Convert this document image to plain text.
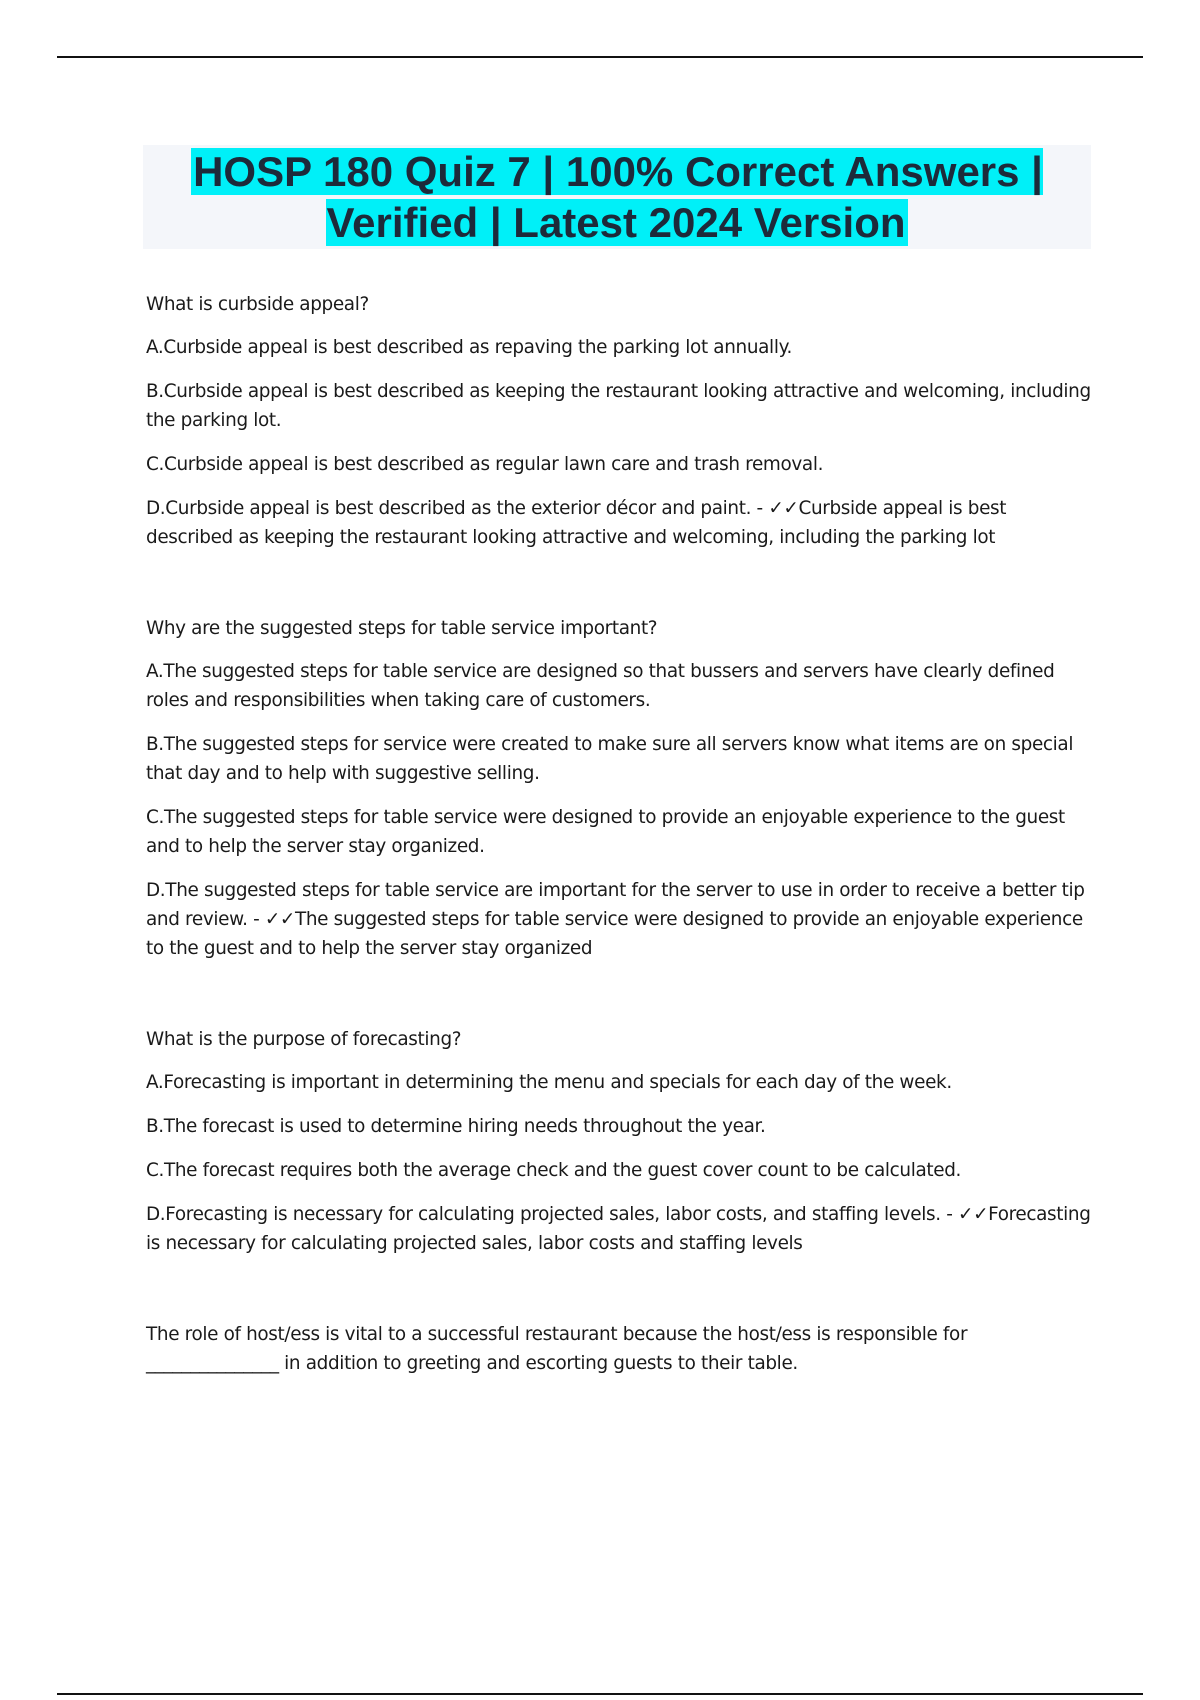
HOSP 180 Quiz 7 | 100% Correct Answers | Verified | Latest 2024 Version

What is curbside appeal?

A.Curbside appeal is best described as repaving the parking lot annually.

B.Curbside appeal is best described as keeping the restaurant looking attractive and welcoming, including the parking lot.

C.Curbside appeal is best described as regular lawn care and trash removal.

D.Curbside appeal is best described as the exterior décor and paint. - ✓✓Curbside appeal is best described as keeping the restaurant looking attractive and welcoming, including the parking lot

Why are the suggested steps for table service important?

A.The suggested steps for table service are designed so that bussers and servers have clearly defined roles and responsibilities when taking care of customers.

B.The suggested steps for service were created to make sure all servers know what items are on special that day and to help with suggestive selling.

C.The suggested steps for table service were designed to provide an enjoyable experience to the guest and to help the server stay organized.

D.The suggested steps for table service are important for the server to use in order to receive a better tip and review. - ✓✓The suggested steps for table service were designed to provide an enjoyable experience to the guest and to help the server stay organized

What is the purpose of forecasting?

A.Forecasting is important in determining the menu and specials for each day of the week.

B.The forecast is used to determine hiring needs throughout the year.

C.The forecast requires both the average check and the guest cover count to be calculated.

D.Forecasting is necessary for calculating projected sales, labor costs, and staffing levels. - ✓✓Forecasting is necessary for calculating projected sales, labor costs and staffing levels

The role of host/ess is vital to a successful restaurant because the host/ess is responsible for _______________ in addition to greeting and escorting guests to their table.
